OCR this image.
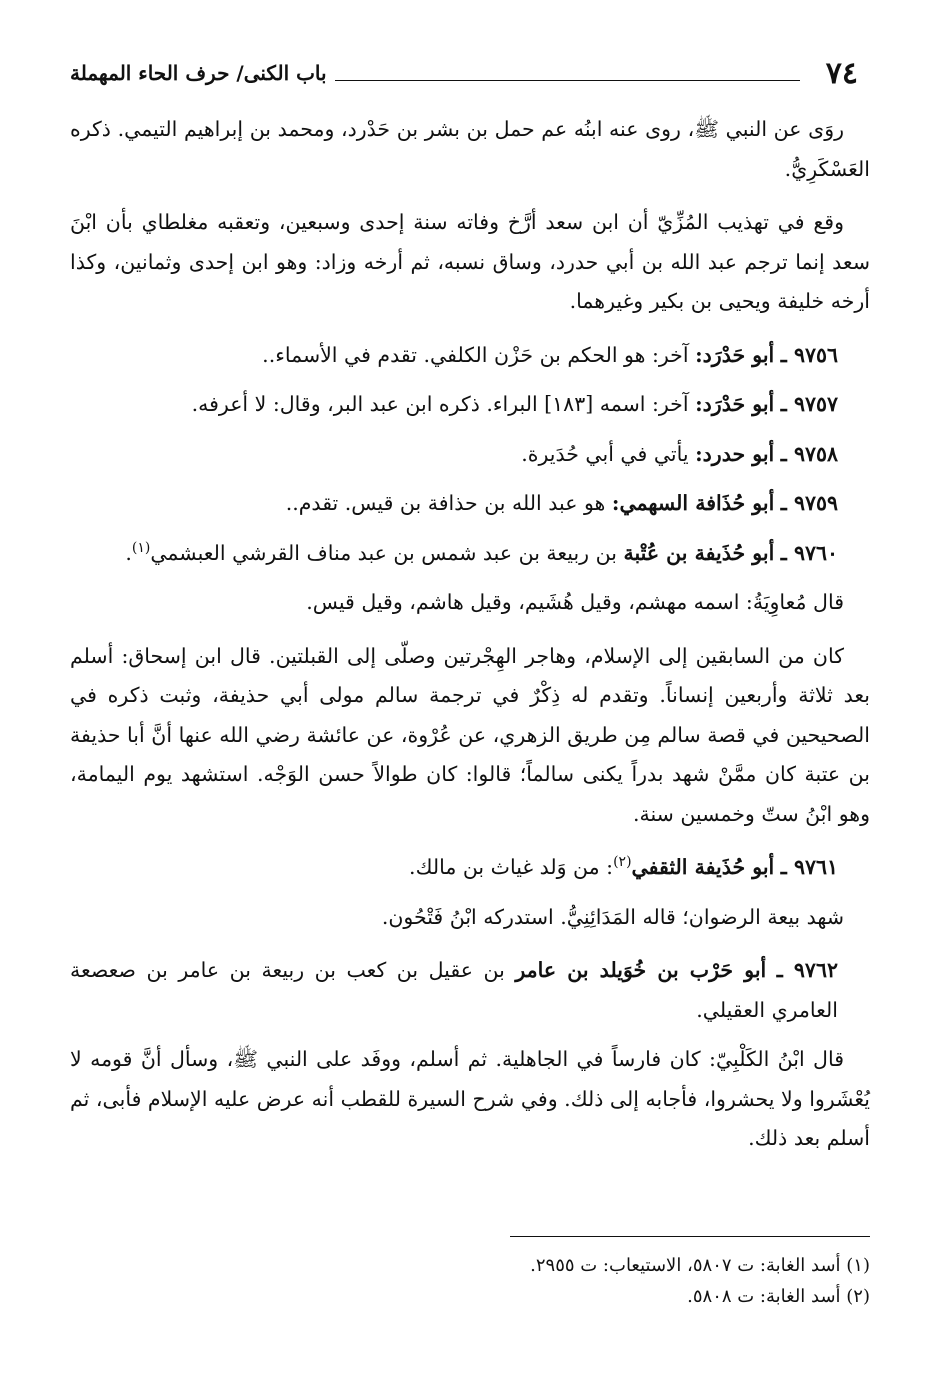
٧٤
باب الكنى/ حرف الحاء المهملة

روَى عن النبي ﷺ، روى عنه ابنُه عم حمل بن بشر بن حَدْرد، ومحمد بن إبراهيم التيمي. ذكره العَسْكَرِيُّ.

وقع في تهذيب المُزِّيّ أن ابن سعد أرَّخ وفاته سنة إحدى وسبعين، وتعقبه مغلطاي بأن ابْنَ سعد إنما ترجم عبد الله بن أبي حدرد، وساق نسبه، ثم أرخه وزاد: وهو ابن إحدى وثمانين، وكذا أرخه خليفة ويحيى بن بكير وغيرهما.

٩٧٥٦ ـ أبو حَدْرَد: آخر: هو الحكم بن حَزْن الكلفي. تقدم في الأسماء..

٩٧٥٧ ـ أبو حَدْرَد: آخر: اسمه [١٨٣] البراء. ذكره ابن عبد البر، وقال: لا أعرفه.

٩٧٥٨ ـ أبو حدرد: يأتي في أبي حُدَيرة.

٩٧٥٩ ـ أبو حُذَافة السهمي: هو عبد الله بن حذافة بن قيس. تقدم..

٩٧٦٠ ـ أبو حُذَيفة بن عُتْبة بن ربيعة بن عبد شمس بن عبد مناف القرشي العبشمي$^{(١)}$.

قال مُعاوِيَةُ: اسمه مهشم، وقيل هُشَيم، وقيل هاشم، وقيل قيس.

كان من السابقين إلى الإسلام، وهاجر الهِجْرتين وصلّى إلى القبلتين. قال ابن إسحاق: أسلم بعد ثلاثة وأربعين إنساناً. وتقدم له ذِكْرٌ في ترجمة سالم مولى أبي حذيفة، وثبت ذكره في الصحيحين في قصة سالم مِن طريق الزهري، عن عُرْوة، عن عائشة رضي الله عنها أنَّ أبا حذيفة بن عتبة كان ممَّنْ شهد بدراً يكنى سالماً؛ قالوا: كان طوالاً حسن الوَجْه. استشهد يوم اليمامة، وهو ابْنُ ستّ وخمسين سنة.

٩٧٦١ ـ أبو حُذَيفة الثقفي$^{(٢)}$: من وَلد غياث بن مالك.

شهد بيعة الرضوان؛ قاله المَدَائِنِيُّ. استدركه ابْنُ فَتْحُون.

٩٧٦٢ ـ أبو حَرْب بن خُوَيلد بن عامر بن عقيل بن كعب بن ربيعة بن عامر بن صعصعة العامري العقيلي.

قال ابْنُ الكَلْبِيّ: كان فارساً في الجاهلية. ثم أسلم، ووفَد على النبي ﷺ، وسأل أنَّ قومه لا يُعْشَروا ولا يحشروا، فأجابه إلى ذلك. وفي شرح السيرة للقطب أنه عرض عليه الإسلام فأبى، ثم أسلم بعد ذلك.

(١) أسد الغابة: ت ٥٨٠٧، الاستيعاب: ت ٢٩٥٥.

(٢) أسد الغابة: ت ٥٨٠٨.
